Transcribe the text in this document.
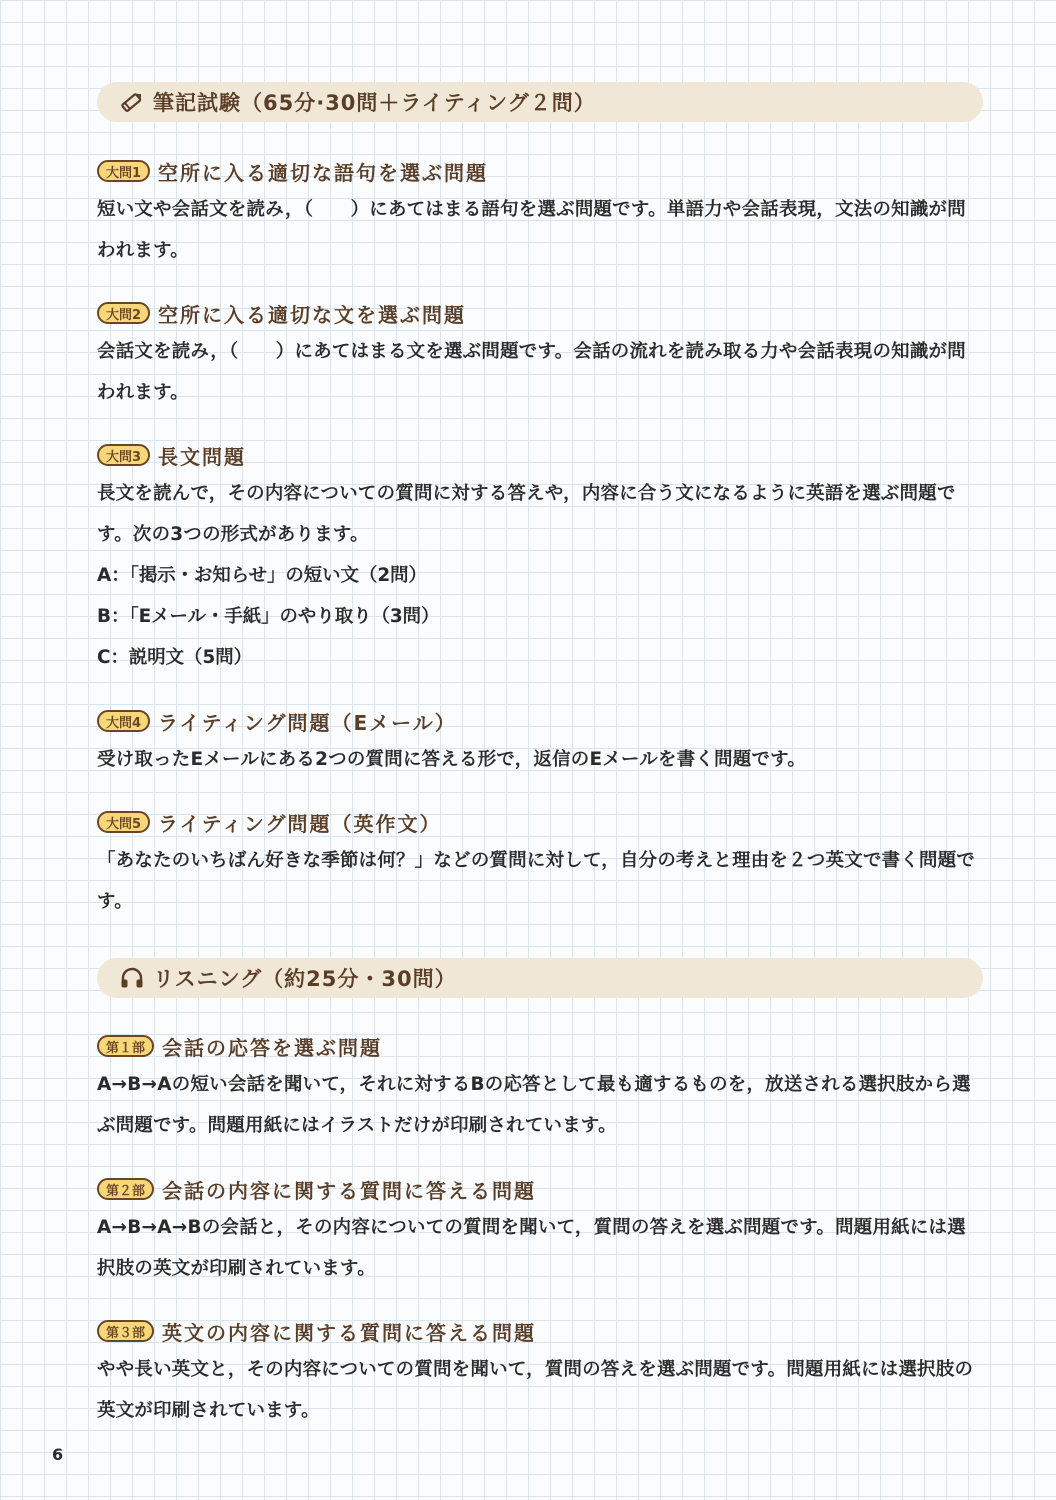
筆記試験（65分·30問＋ライティング２問）
大問1 空所に入る適切な語句を選ぶ問題
短い文や会話文を読み，（　　）にあてはまる語句を選ぶ問題です。単語力や会話表現，文法の知識が問われます。
大問2 空所に入る適切な文を選ぶ問題
会話文を読み，（　　）にあてはまる文を選ぶ問題です。会話の流れを読み取る力や会話表現の知識が問われます。
大問3 長文問題
長文を読んで，その内容についての質問に対する答えや，内容に合う文になるように英語を選ぶ問題です。次の3つの形式があります。
A：「掲示・お知らせ」の短い文（2問）
B：「Eメール・手紙」のやり取り（3問）
C：説明文（5問）
大問4 ライティング問題（Eメール）
受け取ったEメールにある2つの質問に答える形で，返信のEメールを書く問題です。
大問5 ライティング問題（英作文）
「あなたのいちばん好きな季節は何？」などの質問に対して，自分の考えと理由を２つ英文で書く問題です。
リスニング（約25分・30問）
第１部 会話の応答を選ぶ問題
A→B→Aの短い会話を聞いて，それに対するBの応答として最も適するものを，放送される選択肢から選ぶ問題です。問題用紙にはイラストだけが印刷されています。
第２部 会話の内容に関する質問に答える問題
A→B→A→Bの会話と，その内容についての質問を聞いて，質問の答えを選ぶ問題です。問題用紙には選択肢の英文が印刷されています。
第３部 英文の内容に関する質問に答える問題
やや長い英文と，その内容についての質問を聞いて，質問の答えを選ぶ問題です。問題用紙には選択肢の英文が印刷されています。
6
